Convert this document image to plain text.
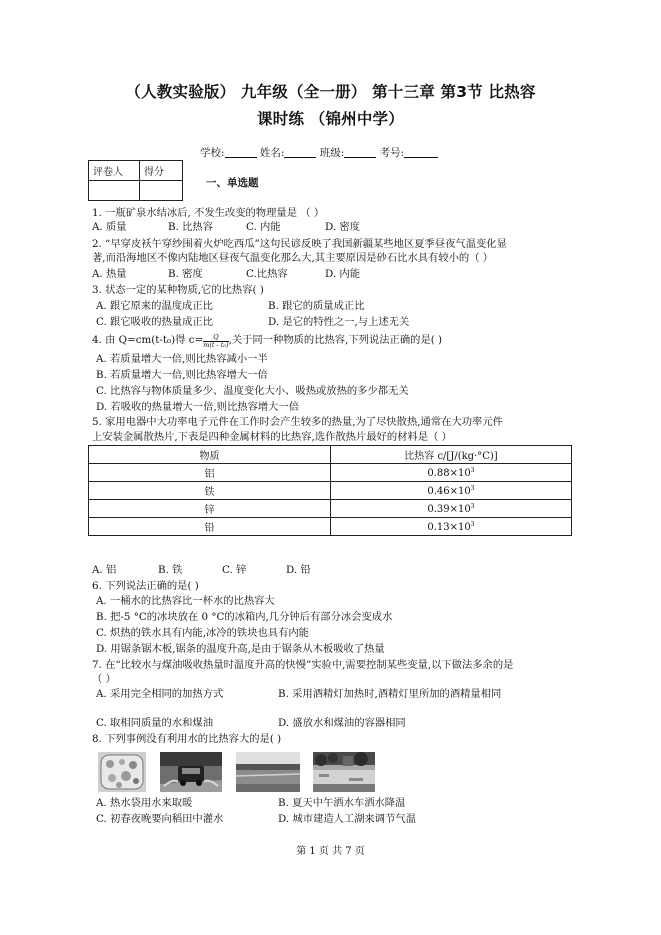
（人教实验版） 九年级（全一册） 第十三章 第3节 比热容
课时练 （锦州中学）
学校:	姓名:	班级:	考号:
评卷人	得分

一、单选题
1. 一瓶矿泉水结冰后, 不发生改变的物理量是 （ ）
A. 质量	B. 比热容	C. 内能	D. 密度
2. “早穿皮袄午穿纱围着火炉吃西瓜”这句民谚反映了我国新疆某些地区夏季昼夜气温变化显
著,而沿海地区不像内陆地区昼夜气温变化那么大,其主要原因是砂石比水具有较小的（ ）
A. 热量	B. 密度	C.比热容	D. 内能
3. 状态一定的某种物质,它的比热容( )
A. 跟它原来的温度成正比	B. 跟它的质量成正比
C. 跟它吸收的热量成正比	D. 是它的特性之一,与上述无关
4. 由 Q=cm(t-t₀)得 $c= \frac{Q}{\text{m(t - t₀)}}$ ,关于同一种物质的比热容,下列说法正确的是( )
A. 若质量增大一倍,则比热容减小一半
B. 若质量增大一倍,则比热容增大一倍
C. 比热容与物体质量多少、温度变化大小、吸热或放热的多少都无关
D. 若吸收的热量增大一倍,则比热容增大一倍
5. 家用电器中大功率电子元件在工作时会产生较多的热量,为了尽快散热,通常在大功率元件
上安装金属散热片,下表是四种金属材料的比热容,选作散热片最好的材料是（ ）
物质	比热容 c/[J/(kg·°C)]
铝	$0.88\times 10^3$
铁	$0.46\times 10^3$
锌	$0.39\times 10^3$
铅	$0.13\times 10^3$
A. 铝	B. 铁	C. 锌	D. 铅
6. 下列说法正确的是( )
A. 一桶水的比热容比一杯水的比热容大
B. 把-5 °C的冰块放在 0 °C的冰箱内,几分钟后有部分冰会变成水
C. 炽热的铁水具有内能,冰冷的铁块也具有内能
D. 用锯条锯木板,锯条的温度升高,是由于锯条从木板吸收了热量
7. 在“比较水与煤油吸收热量时温度升高的快慢”实验中,需要控制某些变量,以下做法多余的是
（ ）
A. 采用完全相同的加热方式	B. 采用酒精灯加热时,酒精灯里所加的酒精量相同
C. 取相同质量的水和煤油	D. 盛放水和煤油的容器相同
8. 下列事例没有利用水的比热容大的是( )
A. 热水袋用水来取暖	B. 夏天中午洒水车洒水降温
C. 初春夜晚要向稻田中灌水	D. 城市建造人工湖来调节气温
第 1 页 共 7 页
